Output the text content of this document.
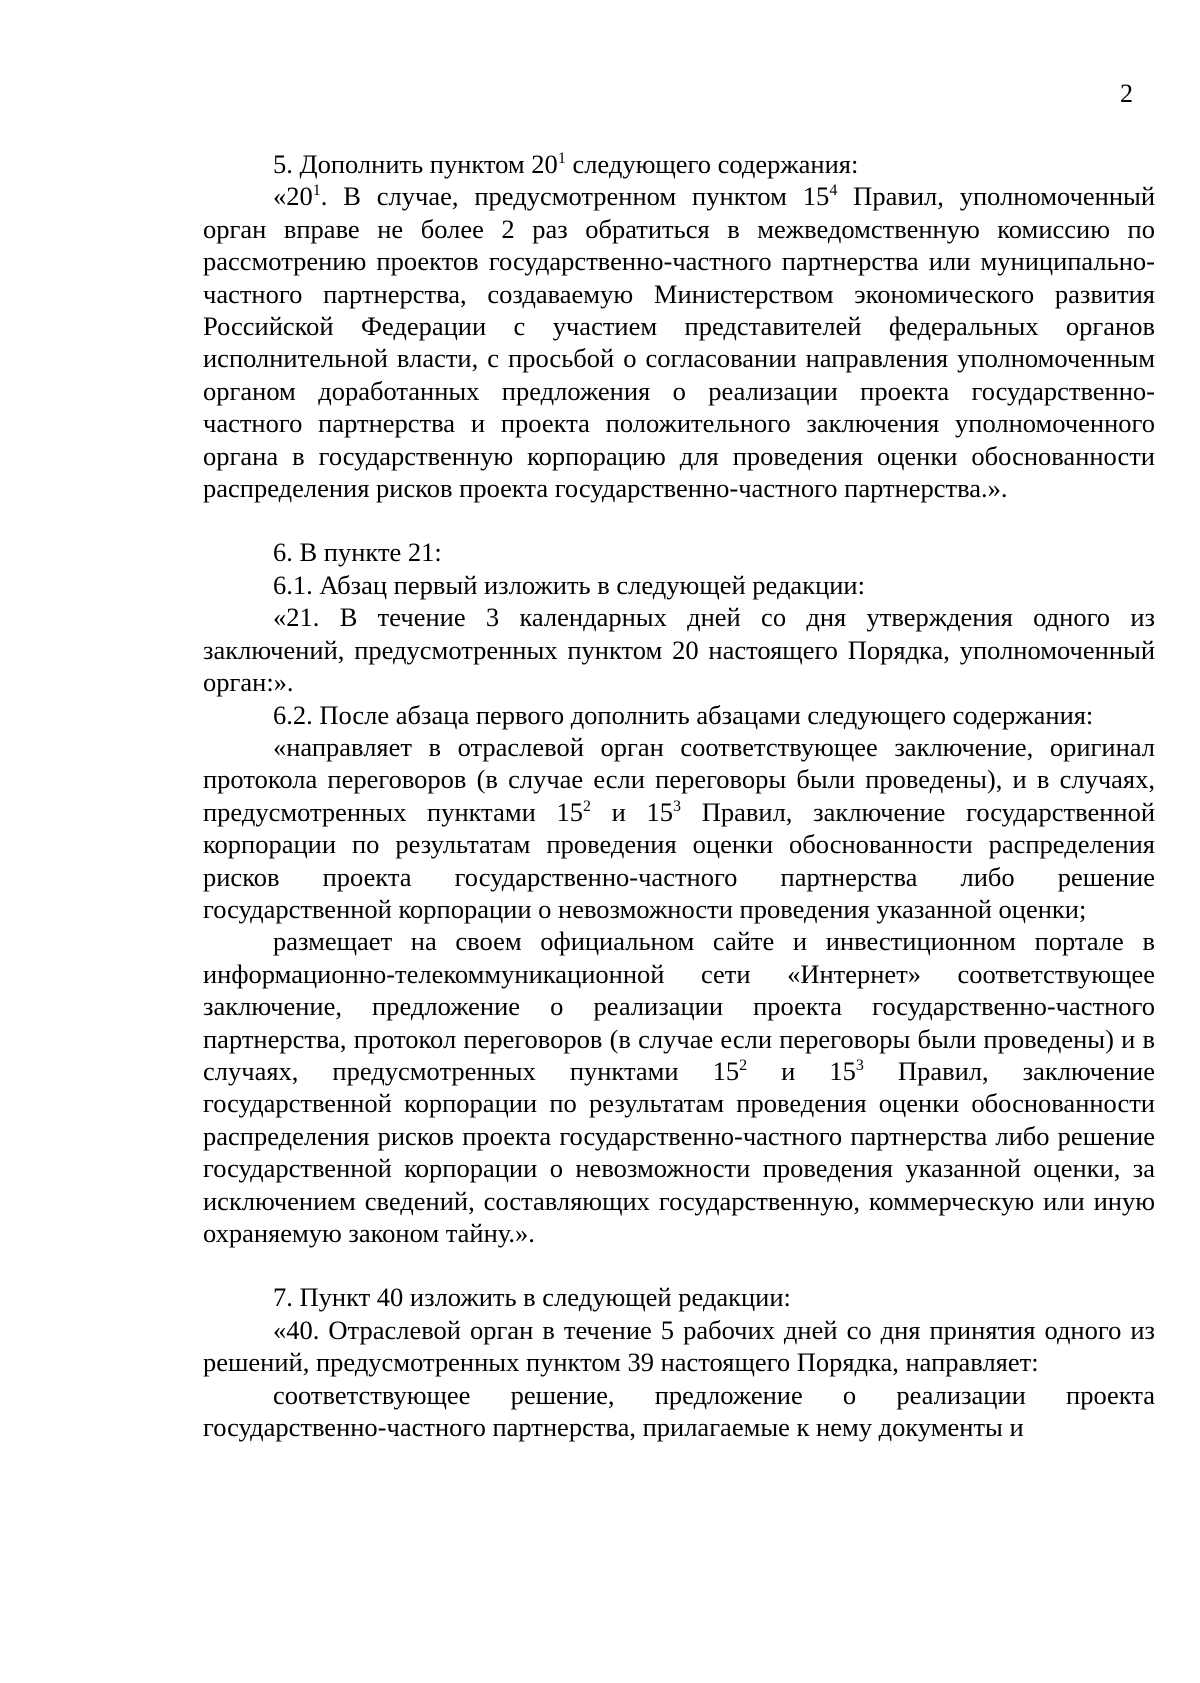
2

5. Дополнить пунктом $20^1$ следующего содержания:

«$20^1$. В случае, предусмотренном пунктом $15^4$ Правил, уполномоченный орган вправе не более 2 раз обратиться в межведомственную комиссию по рассмотрению проектов государственно-частного партнерства или муниципально-частного партнерства, создаваемую Министерством экономического развития Российской Федерации с участием представителей федеральных органов исполнительной власти, с просьбой о согласовании направления уполномоченным органом доработанных предложения о реализации проекта государственно-частного партнерства и проекта положительного заключения уполномоченного органа в государственную корпорацию для проведения оценки обоснованности распределения рисков проекта государственно-частного партнерства.».

6. В пункте 21:

6.1. Абзац первый изложить в следующей редакции:

«21. В течение 3 календарных дней со дня утверждения одного из заключений, предусмотренных пунктом 20 настоящего Порядка, уполномоченный орган:».

6.2. После абзаца первого дополнить абзацами следующего содержания:

«направляет в отраслевой орган соответствующее заключение, оригинал протокола переговоров (в случае если переговоры были проведены), и в случаях, предусмотренных пунктами $15^2$ и $15^3$ Правил, заключение государственной корпорации по результатам проведения оценки обоснованности распределения рисков проекта государственно-частного партнерства либо решение государственной корпорации о невозможности проведения указанной оценки;

размещает на своем официальном сайте и инвестиционном портале в информационно-телекоммуникационной сети «Интернет» соответствующее заключение, предложение о реализации проекта государственно-частного партнерства, протокол переговоров (в случае если переговоры были проведены) и в случаях, предусмотренных пунктами $15^2$ и $15^3$ Правил, заключение государственной корпорации по результатам проведения оценки обоснованности распределения рисков проекта государственно-частного партнерства либо решение государственной корпорации о невозможности проведения указанной оценки, за исключением сведений, составляющих государственную, коммерческую или иную охраняемую законом тайну.».

7. Пункт 40 изложить в следующей редакции:

«40. Отраслевой орган в течение 5 рабочих дней со дня принятия одного из решений, предусмотренных пунктом 39 настоящего Порядка, направляет:

соответствующее решение, предложение о реализации проекта государственно-частного партнерства, прилагаемые к нему документы и
